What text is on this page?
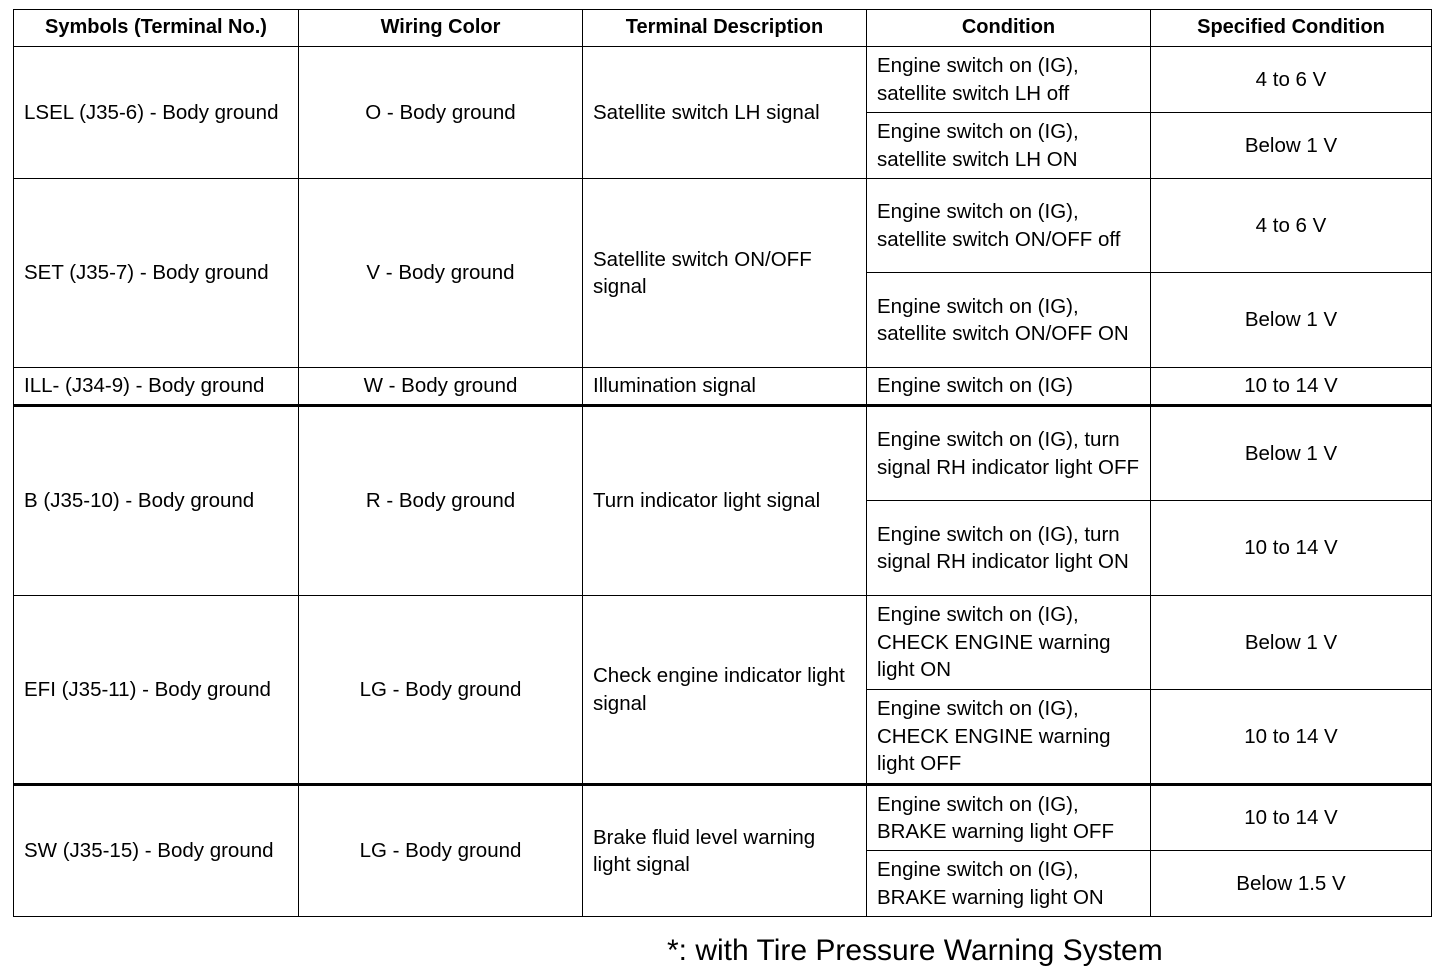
Symbols (Terminal No.)	Wiring Color	Terminal Description	Condition	Specified Condition
LSEL (J35-6) - Body ground	O - Body ground	Satellite switch LH signal	Engine switch on (IG), satellite switch LH off	4 to 6 V
			Engine switch on (IG), satellite switch LH ON	Below 1 V
SET (J35-7) - Body ground	V - Body ground	Satellite switch ON/OFF signal	Engine switch on (IG), satellite switch ON/OFF off	4 to 6 V
			Engine switch on (IG), satellite switch ON/OFF ON	Below 1 V
ILL- (J34-9) - Body ground	W - Body ground	Illumination signal	Engine switch on (IG)	10 to 14 V
B (J35-10) - Body ground	R - Body ground	Turn indicator light signal	Engine switch on (IG), turn signal RH indicator light OFF	Below 1 V
			Engine switch on (IG), turn signal RH indicator light ON	10 to 14 V
EFI (J35-11) - Body ground	LG - Body ground	Check engine indicator light signal	Engine switch on (IG), CHECK ENGINE warning light ON	Below 1 V
			Engine switch on (IG), CHECK ENGINE warning light OFF	10 to 14 V
SW (J35-15) - Body ground	LG - Body ground	Brake fluid level warning light signal	Engine switch on (IG), BRAKE warning light OFF	10 to 14 V
			Engine switch on (IG), BRAKE warning light ON	Below 1.5 V
*: with Tire Pressure Warning System
